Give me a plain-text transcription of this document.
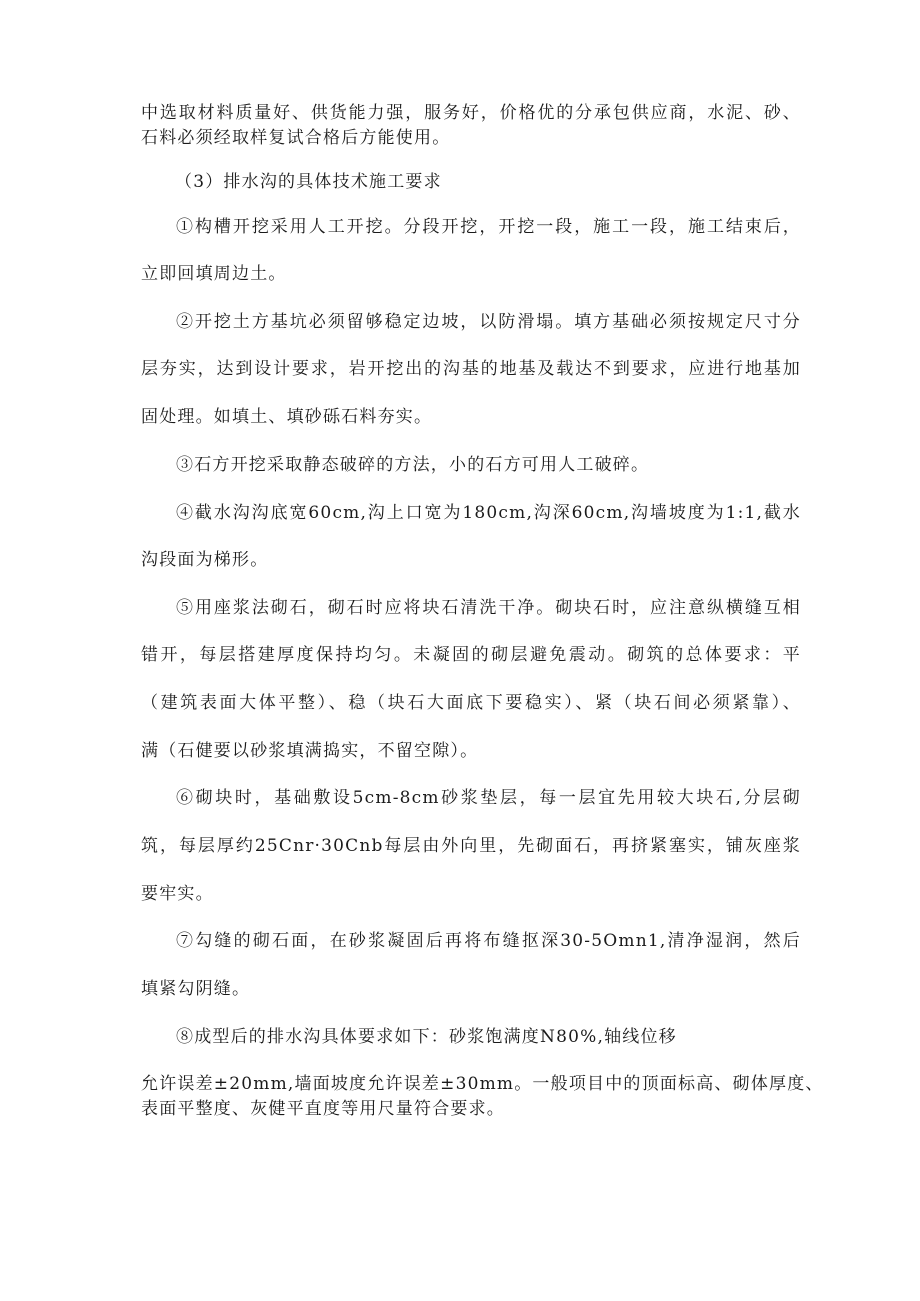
中选取材料质量好、供货能力强，服务好，价格优的分承包供应商，水泥、砂、
石料必须经取样复试合格后方能使用。
（3）排水沟的具体技术施工要求
①构槽开挖采用人工开挖。分段开挖，开挖一段，施工一段，施工结束后，
立即回填周边土。
②开挖土方基坑必须留够稳定边坡，以防滑塌。填方基础必须按规定尺寸分
层夯实，达到设计要求，岩开挖出的沟基的地基及载达不到要求，应进行地基加
固处理。如填土、填砂砾石料夯实。
③石方开挖采取静态破碎的方法，小的石方可用人工破碎。
④截水沟沟底宽60cm,沟上口宽为180cm,沟深60cm,沟墙坡度为1:1,截水
沟段面为梯形。
⑤用座浆法砌石，砌石时应将块石清洗干净。砌块石时，应注意纵横缝互相
错开，每层搭建厚度保持均匀。未凝固的砌层避免震动。砌筑的总体要求：平
（建筑表面大体平整）、稳（块石大面底下要稳实）、紧（块石间必须紧靠）、
满（石健要以砂浆填满捣实，不留空隙）。
⑥砌块时，基础敷设5cm-8cm砂浆垫层，每一层宜先用较大块石,分层砌
筑，每层厚约25Cnr·30Cnb每层由外向里，先砌面石，再挤紧塞实，铺灰座浆
要牢实。
⑦勾缝的砌石面，在砂浆凝固后再将布缝抠深30-5Omn1,清净湿润，然后
填紧勾阴缝。
⑧成型后的排水沟具体要求如下：砂浆饱满度N80%,轴线位移
允许误差±20mm,墙面坡度允许误差±30mm。一般项目中的顶面标高、砌体厚度、
表面平整度、灰健平直度等用尺量符合要求。
